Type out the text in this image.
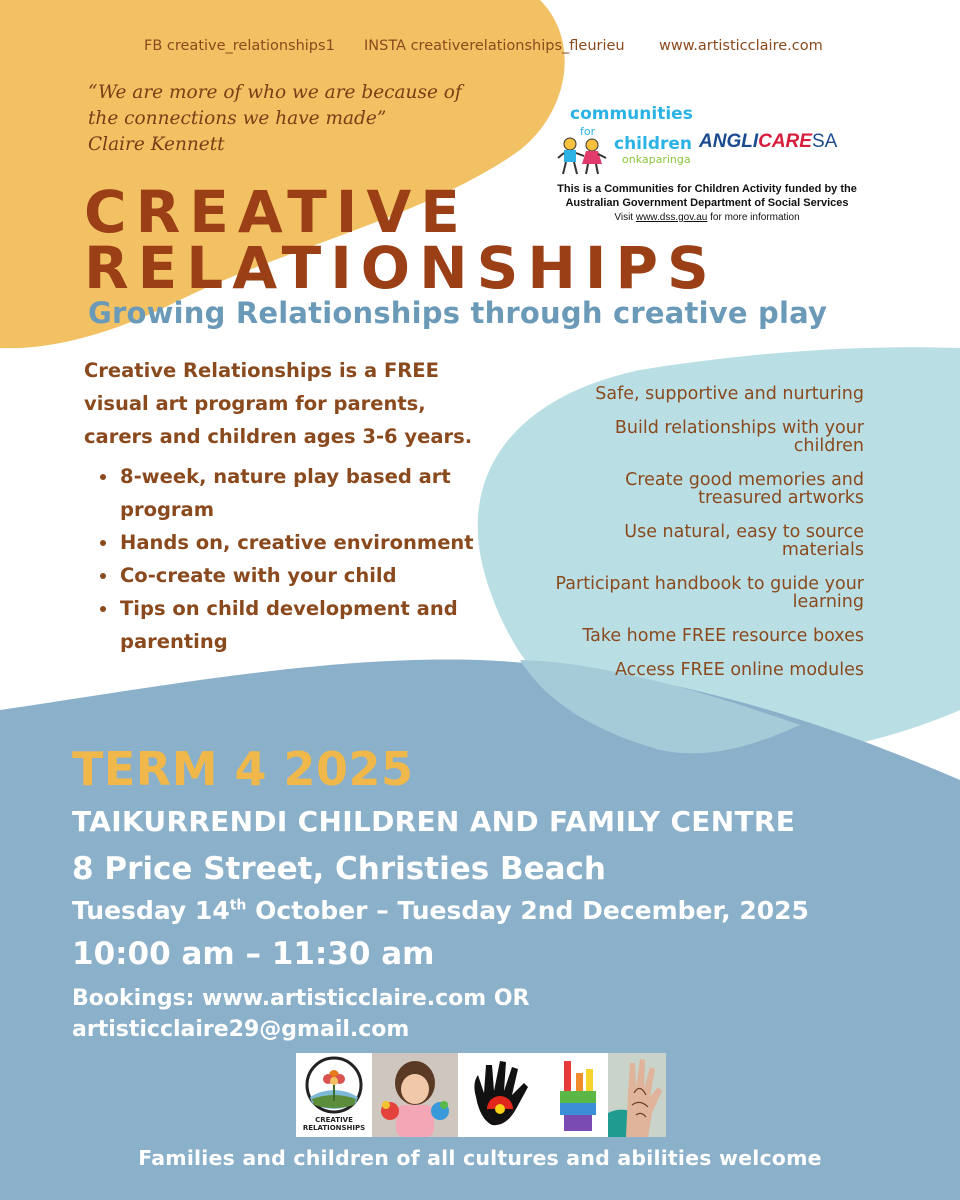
FB creative_relationships1 INSTA creativerelationships_fleurieu www.artisticclaire.com
“We are more of who we are because of
the connections we have made”
Claire Kennett
communities
for
children
onkaparinga
ANGLICARESA
This is a Communities for Children Activity funded by the
Australian Government Department of Social Services
Visit www.dss.gov.au for more information
CREATIVE
RELATIONSHIPS
Growing Relationships through creative play
Creative Relationships is a FREE
visual art program for parents,
carers and children ages 3-6 years.
8-week, nature play based art program
Hands on, creative environment
Co-create with your child
Tips on child development and parenting
Safe, supportive and nurturing
Build relationships with your
children
Create good memories and
treasured artworks
Use natural, easy to source
materials
Participant handbook to guide your
learning
Take home FREE resource boxes
Access FREE online modules
TERM 4 2025
TAIKURRENDI CHILDREN AND FAMILY CENTRE
8 Price Street, Christies Beach
Tuesday 14th October – Tuesday 2nd December, 2025
10:00 am – 11:30 am
Bookings: www.artisticclaire.com OR
artisticclaire29@gmail.com
CREATIVE
RELATIONSHIPS
Families and children of all cultures and abilities welcome
